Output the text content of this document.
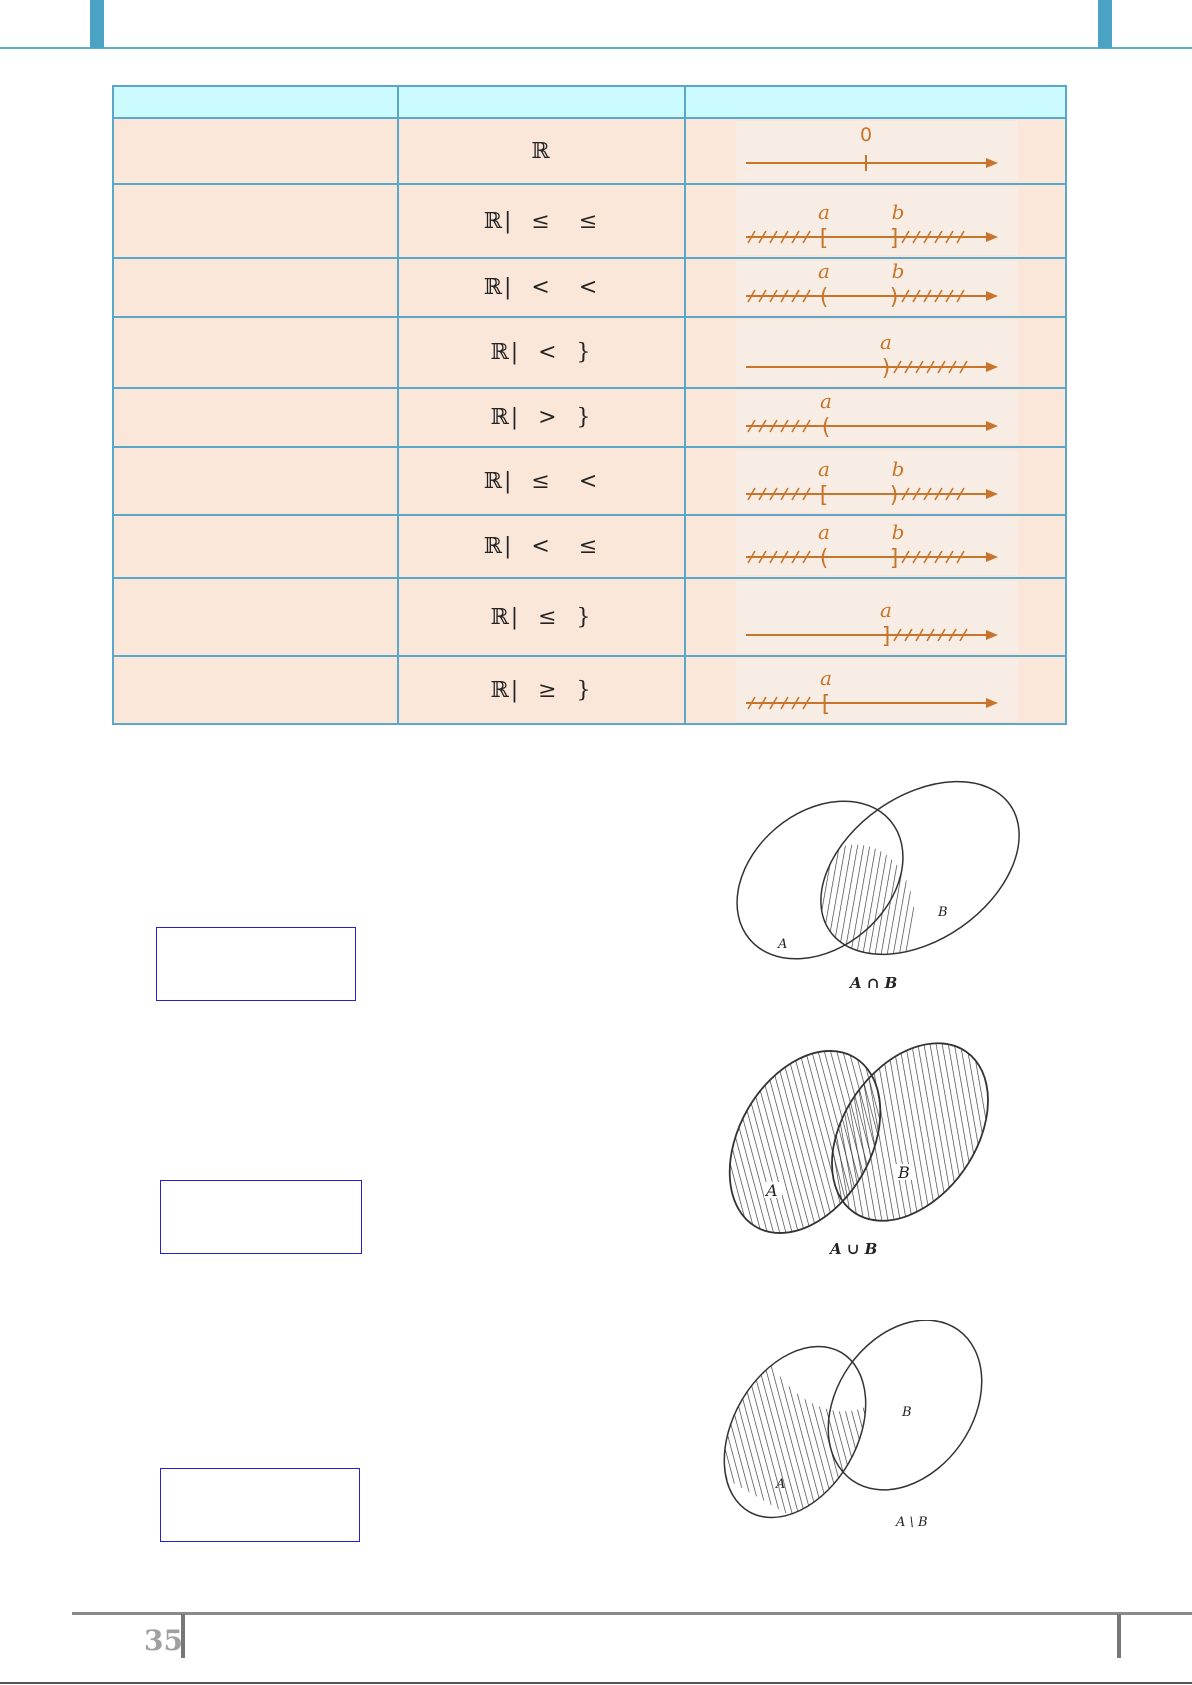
	ℝ	0

	ℝ|  ≤   ≤	[ ]
a b

	ℝ|  <   <	( )
a b

	ℝ|  <  }	)
a

	ℝ|  >  }	(
a

	ℝ|  ≤   <	[ )
a b

	ℝ|  <   ≤	( ]
a b

	ℝ|  ≤  }	]
a

	ℝ|  ≥  }	[
a
A
B
A ∩ B
A
B
A ∪ B
A
B
A \ B
35
